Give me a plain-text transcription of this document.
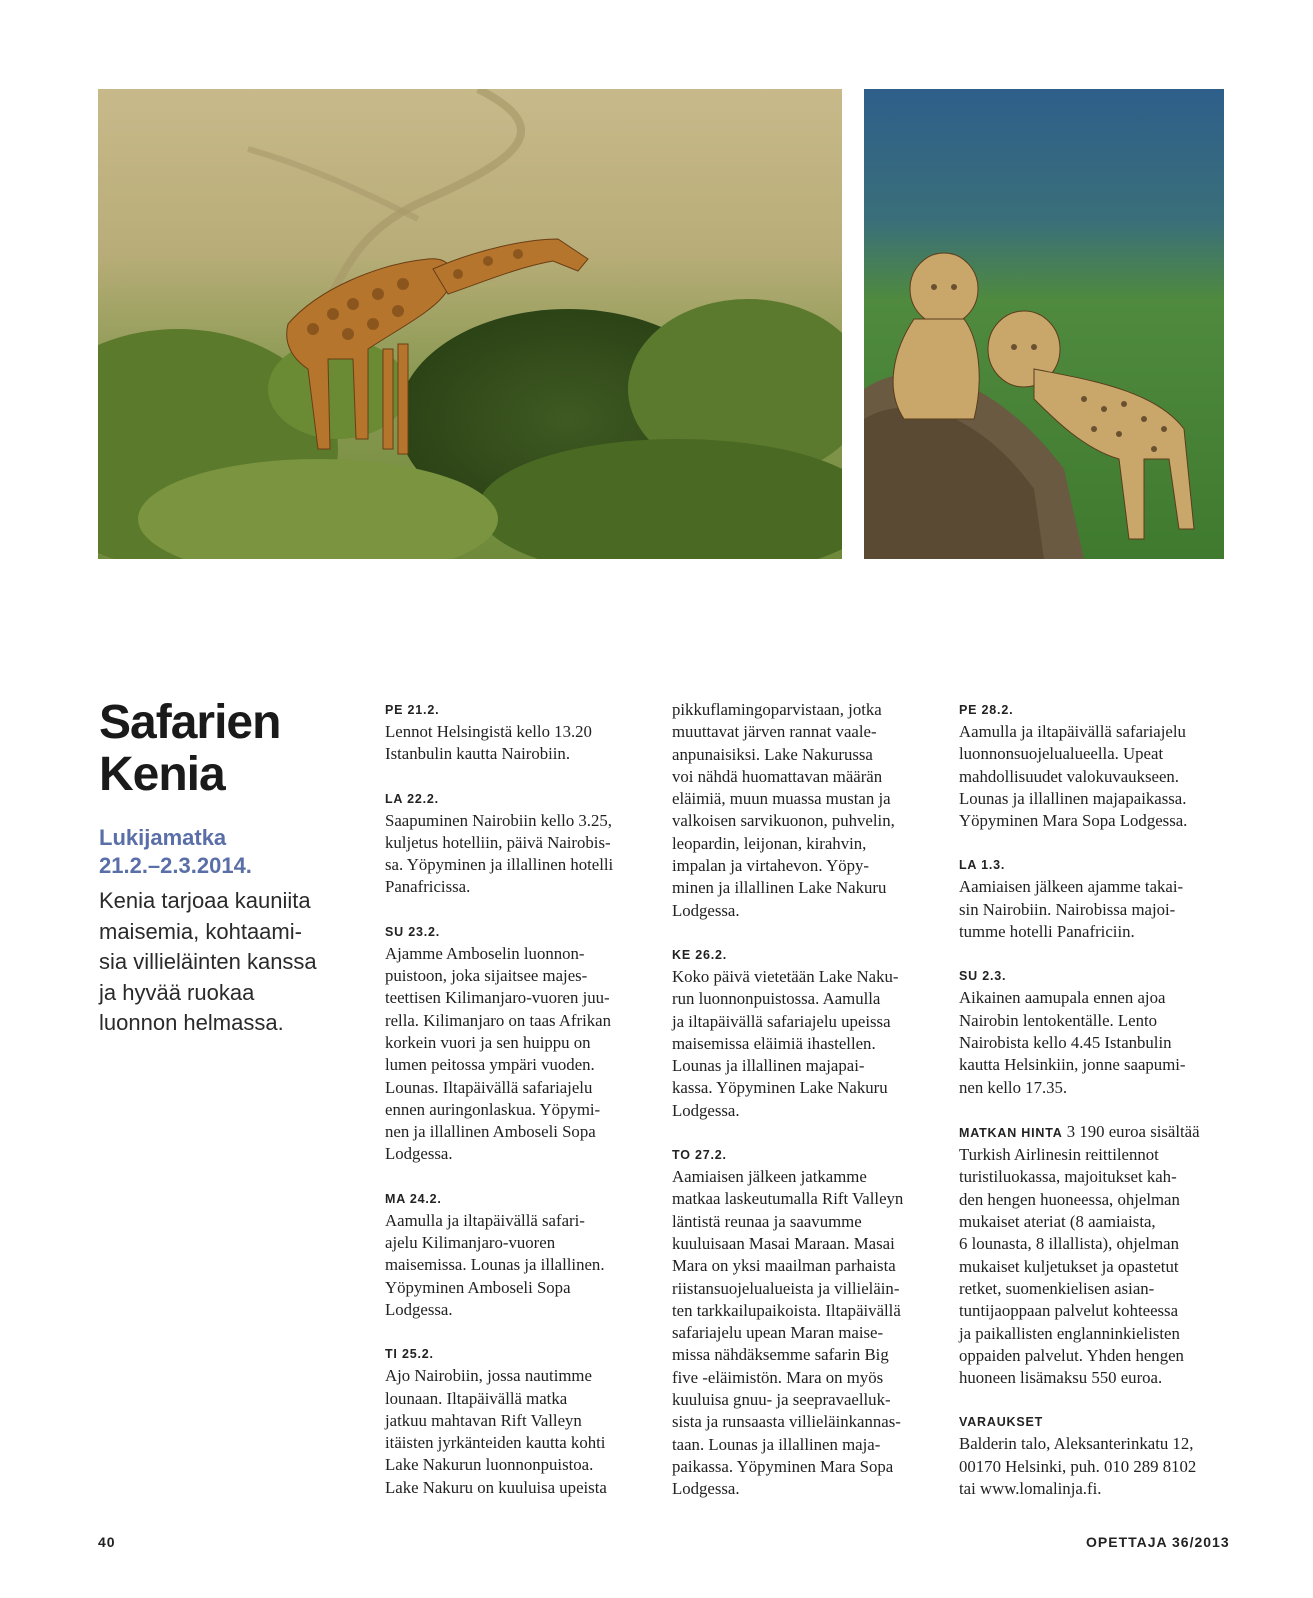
Safarien
Kenia
Lukijamatka
21.2.–2.3.2014.
Kenia tarjoaa kauniita
maisemia, kohtaami-
sia villieläinten kanssa
ja hyvää ruokaa
luonnon helmassa.
PE 21.2.
Lennot Helsingistä kello 13.20
Istanbulin kautta Nairobiin.
LA 22.2.
Saapuminen Nairobiin kello 3.25,
kuljetus hotelliin, päivä Nairobis-
sa. Yöpyminen ja illallinen hotelli
Panafricissa.
SU 23.2.
Ajamme Amboselin luonnon-
puistoon, joka sijaitsee majes-
teettisen Kilimanjaro-vuoren juu-
rella. Kilimanjaro on taas Afrikan
korkein vuori ja sen huippu on
lumen peitossa ympäri vuoden.
Lounas. Iltapäivällä safariajelu
ennen auringonlaskua. Yöpymi-
nen ja illallinen Amboseli Sopa
Lodgessa.
MA 24.2.
Aamulla ja iltapäivällä safari-
ajelu Kilimanjaro-vuoren
maisemissa. Lounas ja illallinen.
Yöpyminen Amboseli Sopa
Lodgessa.
TI 25.2.
Ajo Nairobiin, jossa nautimme
lounaan. Iltapäivällä matka
jatkuu mahtavan Rift Valleyn
itäisten jyrkänteiden kautta kohti
Lake Nakurun luonnonpuistoa.
Lake Nakuru on kuuluisa upeista
pikkuflamingoparvistaan, jotka
muuttavat järven rannat vaale-
anpunaisiksi. Lake Nakurussa
voi nähdä huomattavan määrän
eläimiä, muun muassa mustan ja
valkoisen sarvikuonon, puhvelin,
leopardin, leijonan, kirahvin,
impalan ja virtahevon. Yöpy-
minen ja illallinen Lake Nakuru
Lodgessa.
KE 26.2.
Koko päivä vietetään Lake Naku-
run luonnonpuistossa. Aamulla
ja iltapäivällä safariajelu upeissa
maisemissa eläimiä ihastellen.
Lounas ja illallinen majapai-
kassa. Yöpyminen Lake Nakuru
Lodgessa.
TO 27.2.
Aamiaisen jälkeen jatkamme
matkaa laskeutumalla Rift Valleyn
läntistä reunaa ja saavumme
kuuluisaan Masai Maraan. Masai
Mara on yksi maailman parhaista
riistansuojelualueista ja villieläin-
ten tarkkailupaikoista. Iltapäivällä
safariajelu upean Maran maise-
missa nähdäksemme safarin Big
five -eläimistön. Mara on myös
kuuluisa gnuu- ja seepravaelluk-
sista ja runsaasta villieläinkannas-
taan. Lounas ja illallinen maja-
paikassa. Yöpyminen Mara Sopa
Lodgessa.
PE 28.2.
Aamulla ja iltapäivällä safariajelu
luonnonsuojelualueella. Upeat
mahdollisuudet valokuvaukseen.
Lounas ja illallinen majapaikassa.
Yöpyminen Mara Sopa Lodgessa.
LA 1.3.
Aamiaisen jälkeen ajamme takai-
sin Nairobiin. Nairobissa majoi-
tumme hotelli Panafriciin.
SU 2.3.
Aikainen aamupala ennen ajoa
Nairobin lentokentälle. Lento
Nairobista kello 4.45 Istanbulin
kautta Helsinkiin, jonne saapumi-
nen kello 17.35.
MATKAN HINTA 3 190 euroa sisältää
Turkish Airlinesin reittilennot
turistiluokassa, majoitukset kah-
den hengen huoneessa, ohjelman
mukaiset ateriat (8 aamiaista,
6 lounasta, 8 illallista), ohjelman
mukaiset kuljetukset ja opastetut
retket, suomenkielisen asian-
tuntijaoppaan palvelut kohteessa
ja paikallisten englanninkielisten
oppaiden palvelut. Yhden hengen
huoneen lisämaksu 550 euroa.
VARAUKSET
Balderin talo, Aleksanterinkatu 12,
00170 Helsinki, puh. 010 289 8102
tai www.lomalinja.fi.
40	OPETTAJA 36/2013
